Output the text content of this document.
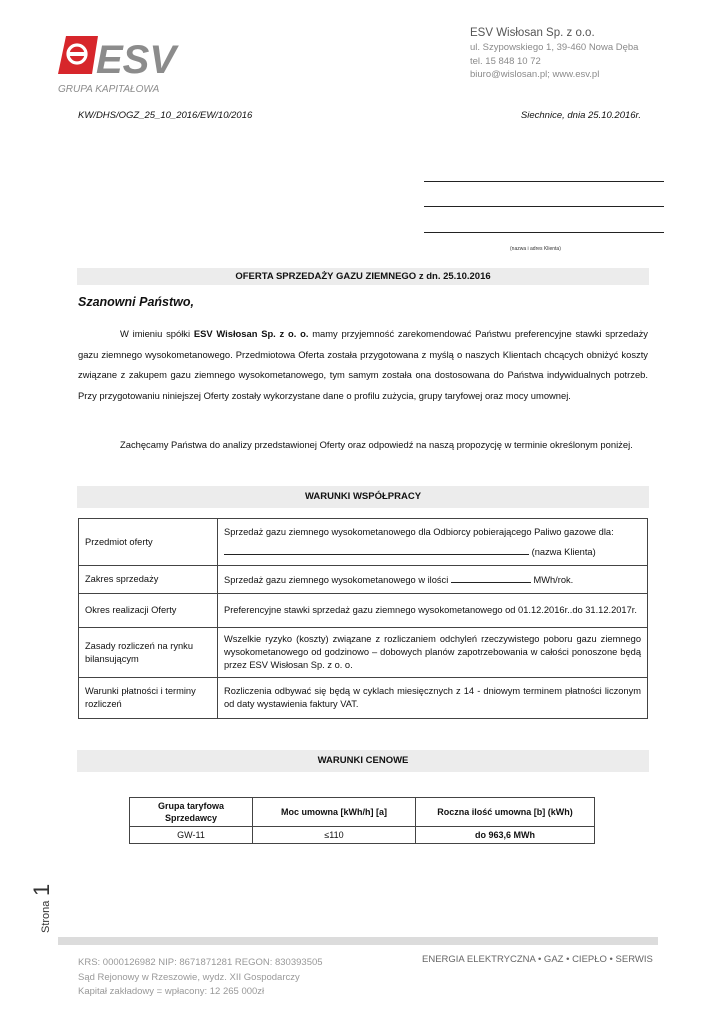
ESV
GRUPA KAPITAŁOWA
ESV Wisłosan Sp. z o.o.
ul. Szypowskiego 1, 39-460 Nowa Dęba
tel. 15 848 10 72
biuro@wislosan.pl; www.esv.pl
KW/DHS/OGZ_25_10_2016/EW/10/2016	Siechnice, dnia 25.10.2016r.
(nazwa i adres Klienta)
OFERTA SPRZEDAŻY GAZU ZIEMNEGO z dn. 25.10.2016
Szanowni Państwo,
W imieniu spółki ESV Wisłosan Sp. z o. o. mamy przyjemność zarekomendować Państwu preferencyjne stawki sprzedaży gazu ziemnego wysokometanowego. Przedmiotowa Oferta została przygotowana z myślą o naszych Klientach chcących obniżyć koszty związane z zakupem gazu ziemnego wysokometanowego, tym samym została ona dostosowana do Państwa indywidualnych potrzeb. Przy przygotowaniu niniejszej Oferty zostały wykorzystane dane o profilu zużycia, grupy taryfowej oraz mocy umownej.
Zachęcamy Państwa do analizy przedstawionej Oferty oraz odpowiedź na naszą propozycję w terminie określonym poniżej.
WARUNKI WSPÓŁPRACY
Przedmiot oferty	Sprzedaż gazu ziemnego wysokometanowego dla Odbiorcy pobierającego Paliwo gazowe dla:
(nazwa Klienta)

Zakres sprzedaży	Sprzedaż gazu ziemnego wysokometanowego w ilości MWh/rok.
Okres realizacji Oferty	Preferencyjne stawki sprzedaż gazu ziemnego wysokometanowego od 01.12.2016r..do 31.12.2017r.
Zasady rozliczeń na rynku bilansującym	Wszelkie ryzyko (koszty) związane z rozliczaniem odchyleń rzeczywistego poboru gazu ziemnego wysokometanowego od godzinowo – dobowych planów zapotrzebowania w całości ponoszone będą przez ESV Wisłosan Sp. z o. o.
Warunki płatności i terminy rozliczeń	Rozliczenia odbywać się będą w cyklach miesięcznych z 14 - dniowym terminem płatności liczonym od daty wystawienia faktury VAT.
WARUNKI CENOWE
Grupa taryfowa Sprzedawcy	Moc umowna [kWh/h] [a]	Roczna ilość umowna [b] (kWh)
GW-11	≤110	do 963,6 MWh
Strona
1
KRS: 0000126982 NIP: 8671871281 REGON: 830393505
Sąd Rejonowy w Rzeszowie, wydz. XII Gospodarczy
Kapitał zakładowy = wpłacony: 12 265 000zł
ENERGIA ELEKTRYCZNA • GAZ • CIEPŁO • SERWIS
